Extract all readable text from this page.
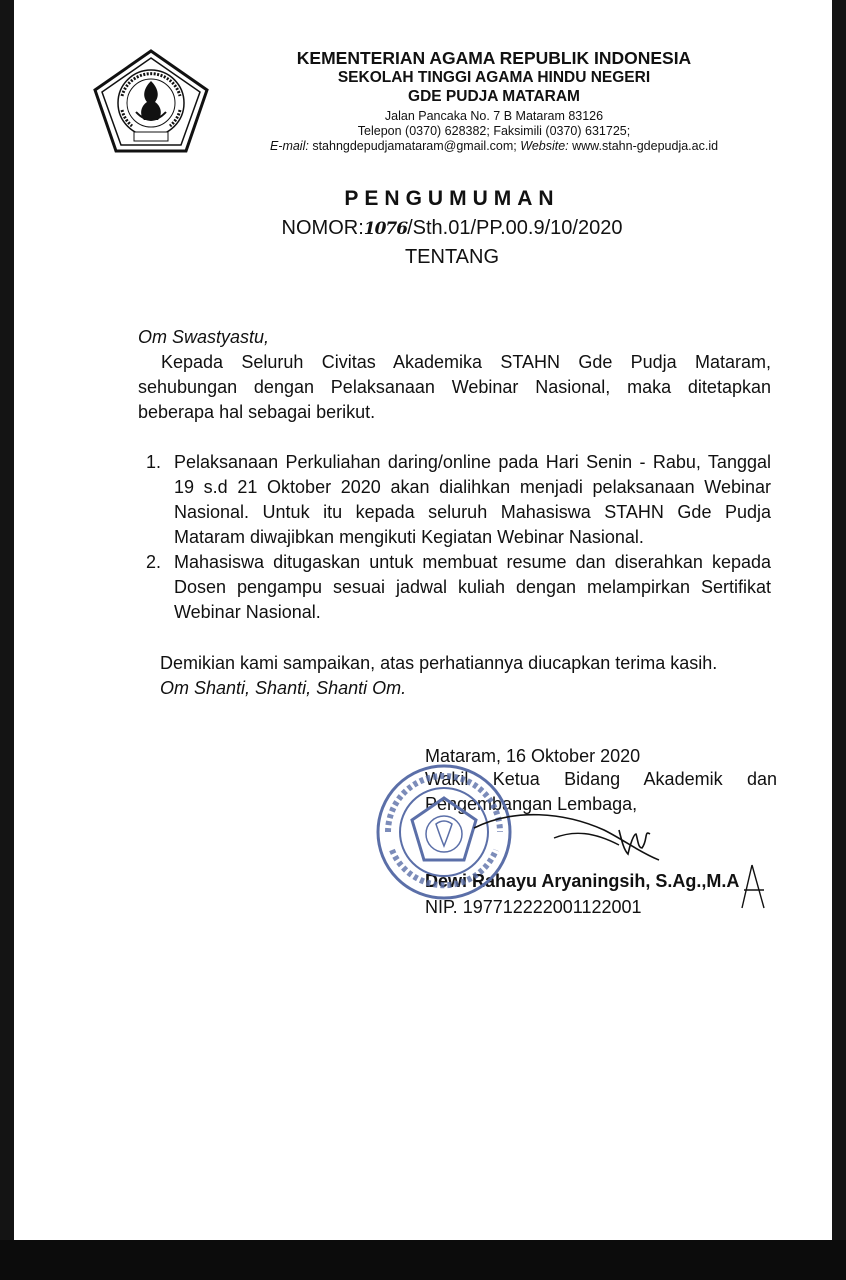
KEMENTERIAN AGAMA REPUBLIK INDONESIA
SEKOLAH TINGGI AGAMA HINDU NEGERI
GDE PUDJA MATARAM
Jalan Pancaka No. 7 B Mataram 83126
Telepon (0370) 628382; Faksimili (0370) 631725;
E-mail: stahngdepudjamataram@gmail.com; Website: www.stahn-gdepudja.ac.id
PENGUMUMAN
NOMOR:1076/Sth.01/PP.00.9/10/2020
TENTANG
Om Swastyastu,
Kepada Seluruh Civitas Akademika STAHN Gde Pudja Mataram, sehubungan dengan Pelaksanaan Webinar Nasional, maka ditetapkan beberapa hal sebagai berikut.
1. Pelaksanaan Perkuliahan daring/online pada Hari Senin - Rabu, Tanggal 19 s.d 21 Oktober 2020 akan dialihkan menjadi pelaksanaan Webinar Nasional. Untuk itu kepada seluruh Mahasiswa STAHN Gde Pudja Mataram diwajibkan mengikuti Kegiatan Webinar Nasional.
2. Mahasiswa ditugaskan untuk membuat resume dan diserahkan kepada Dosen pengampu sesuai jadwal kuliah dengan melampirkan Sertifikat Webinar Nasional.
Demikian kami sampaikan, atas perhatiannya diucapkan terima kasih.
Om Shanti, Shanti, Shanti Om.
Mataram, 16 Oktober 2020
Wakil Ketua Bidang Akademik dan
Pengembangan Lembaga,
Dewi Rahayu Aryaningsih, S.Ag.,M.A
NIP. 197712222001122001
